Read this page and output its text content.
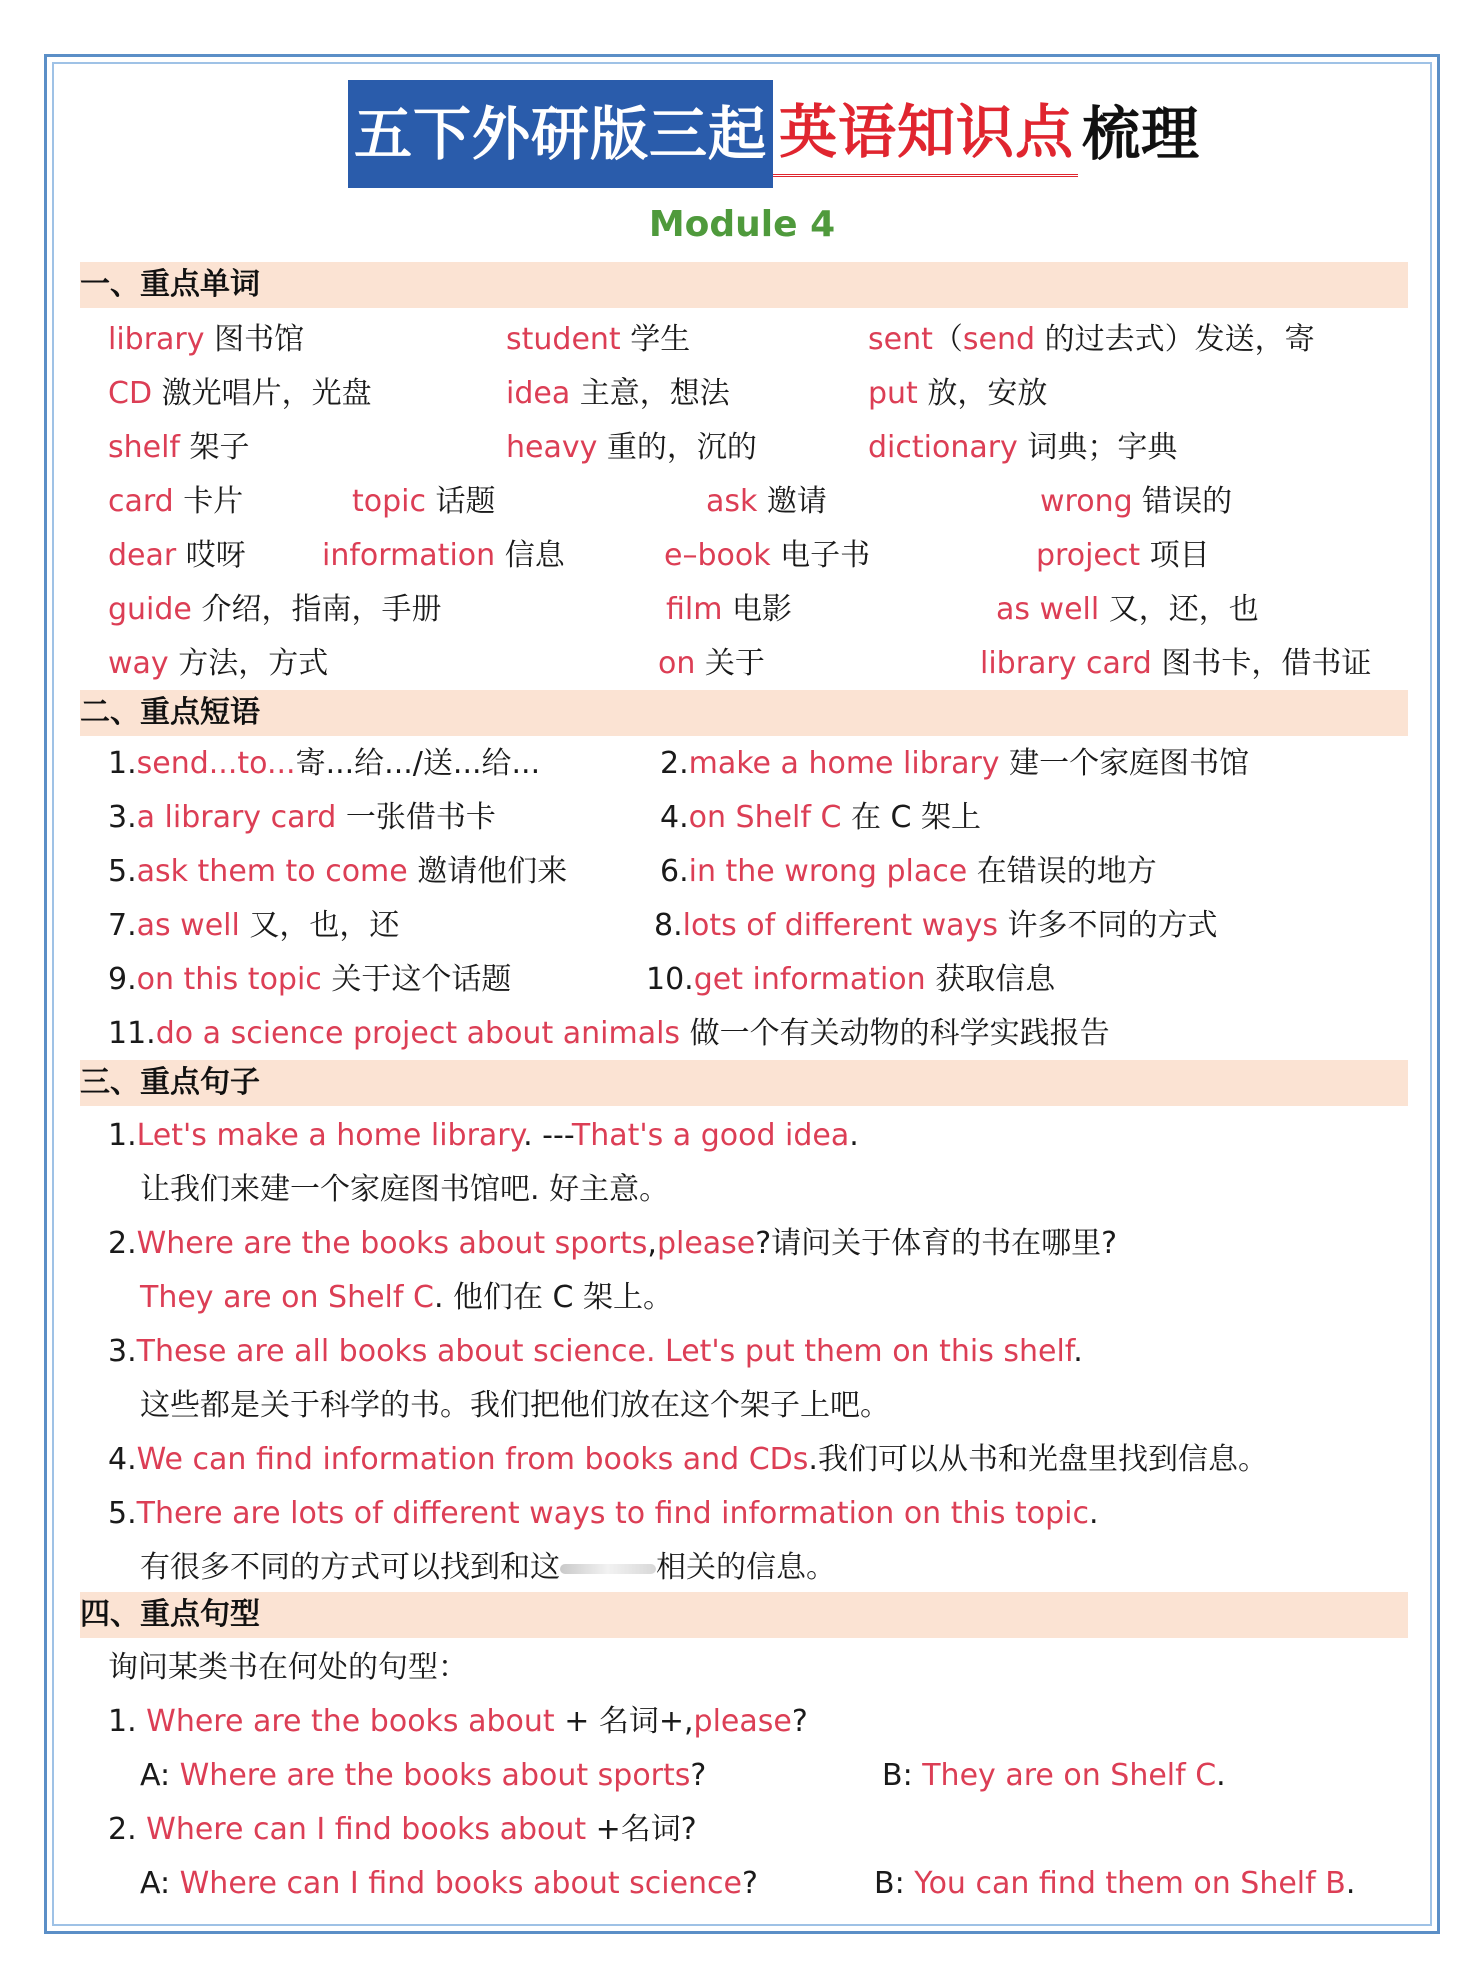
五下外研版三起 英语知识点 梳理
Module 4
一、重点单词
library 图书馆	student 学生	sent（send 的过去式）发送，寄
CD 激光唱片，光盘	idea 主意，想法	put 放，安放
shelf 架子	heavy 重的，沉的	dictionary 词典；字典
card 卡片	topic 话题	ask 邀请	wrong 错误的
dear 哎呀	information 信息	e–book 电子书	project 项目
guide 介绍，指南，手册	film 电影	as well 又，还，也
way 方法，方式	on 关于	library card 图书卡，借书证
二、重点短语
1.send...to...寄...给.../送...给...	2.make a home library 建一个家庭图书馆
3.a library card 一张借书卡	4.on Shelf C 在 C 架上
5.ask them to come 邀请他们来	6.in the wrong place 在错误的地方
7.as well 又，也，还	8.lots of different ways 许多不同的方式
9.on this topic 关于这个话题	10.get information 获取信息
11.do a science project about animals 做一个有关动物的科学实践报告
三、重点句子
1.Let's make a home library. ---That's a good idea.
让我们来建一个家庭图书馆吧. 好主意。
2.Where are the books about sports,please?请问关于体育的书在哪里?
They are on Shelf C. 他们在 C 架上。
3.These are all books about science. Let's put them on this shelf.
这些都是关于科学的书。我们把他们放在这个架子上吧。
4.We can find information from books and CDs.我们可以从书和光盘里找到信息。
5.There are lots of different ways to find information on this topic.
有很多不同的方式可以找到和这	相关的信息。
四、重点句型
询问某类书在何处的句型：
1. Where are the books about + 名词+,please?
A: Where are the books about sports?	B: They are on Shelf C.
2. Where can I find books about +名词?
A: Where can I find books about science?	B: You can find them on Shelf B.
